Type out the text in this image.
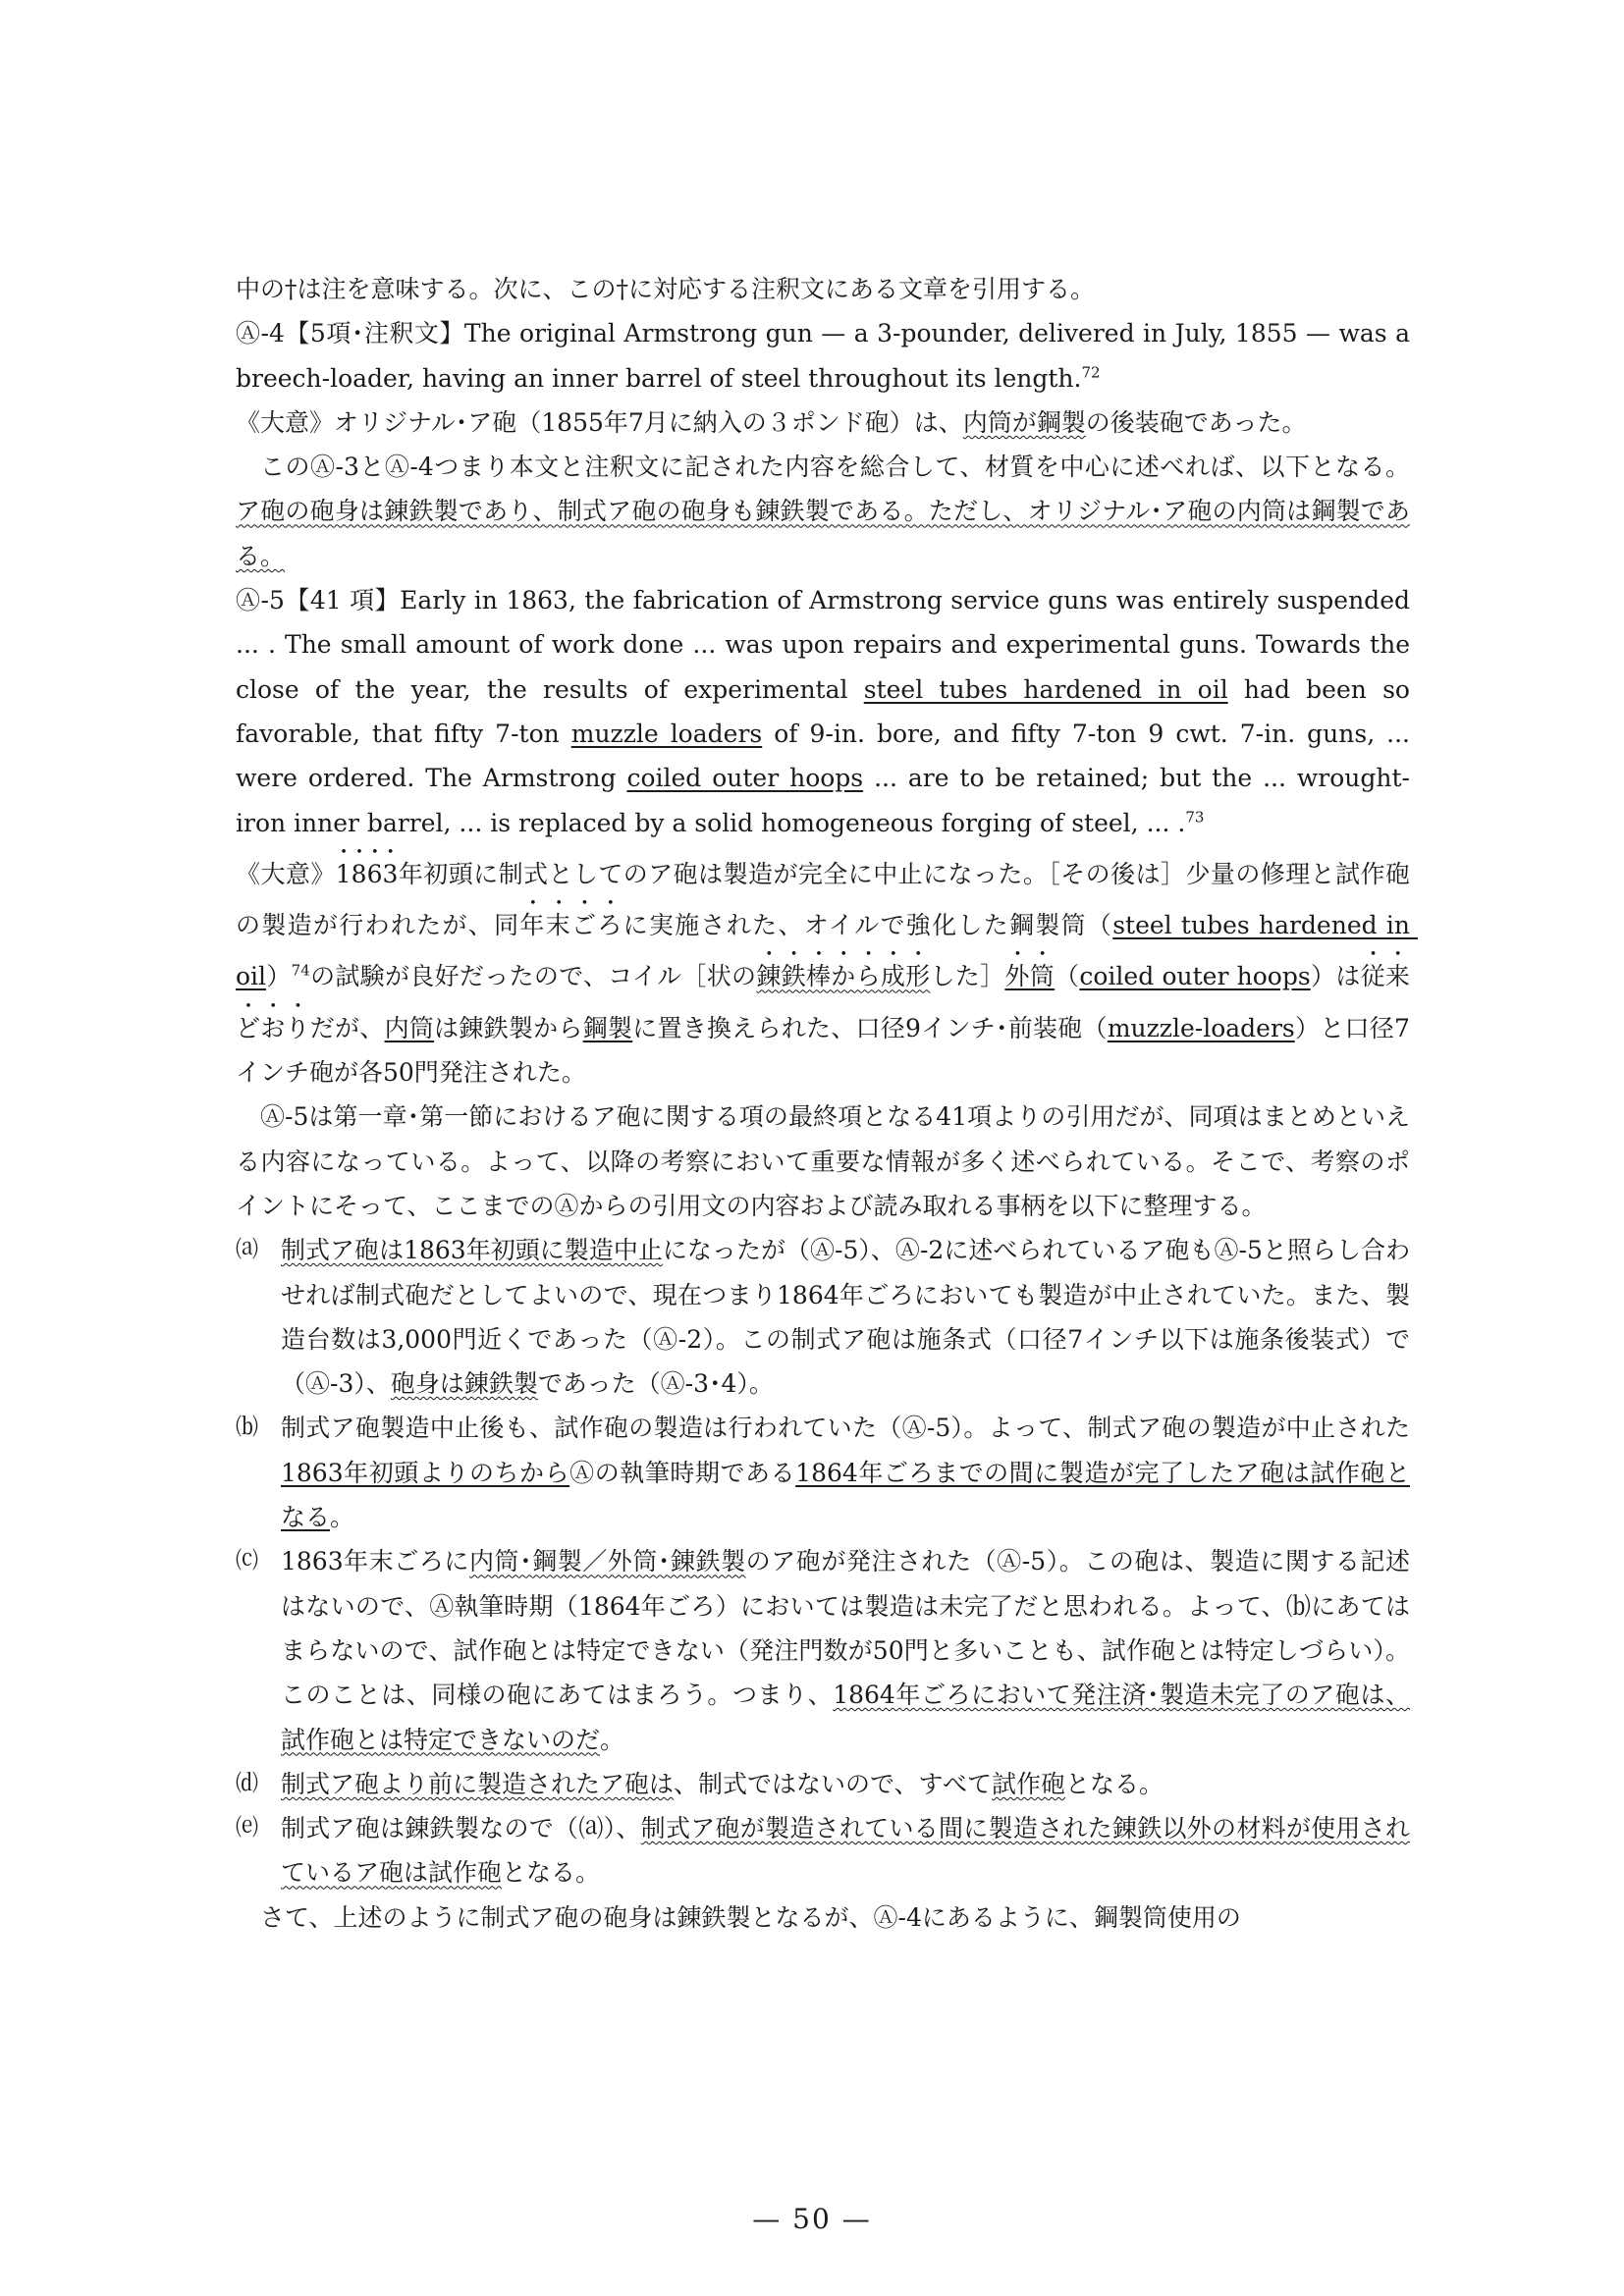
中の†は注を意味する。次に、この†に対応する注釈文にある文章を引用する。

Ⓐ-4【5項･注釈文】The original Armstrong gun — a 3-pounder, delivered in July, 1855 — was a breech-loader, having an inner barrel of steel throughout its length.$^{72}$

《大意》オリジナル･ア砲（1855年7月に納入の３ポンド砲）は、内筒が鋼製の後装砲であった。

このⒶ-3とⒶ-4つまり本文と注釈文に記された内容を総合して、材質を中心に述べれば、以下となる。ア砲の砲身は錬鉄製であり、制式ア砲の砲身も錬鉄製である。ただし、オリジナル･ア砲の内筒は鋼製である。

Ⓐ-5【41 項】Early in 1863, the fabrication of Armstrong service guns was entirely suspended ... . The small amount of work done ... was upon repairs and experimental guns. Towards the close of the year, the results of experimental steel tubes hardened in oil had been so favorable, that fifty 7-ton muzzle loaders of 9-in. bore, and fifty 7-ton 9 cwt. 7-in. guns, ... were ordered. The Armstrong coiled outer hoops ... are to be retained; but the ... wrought-iron inner barrel, ... is replaced by a solid homogeneous forging of steel, ... .$^{73}$

《大意》1863年初頭に制式としてのア砲は製造が完全に中止になった。［その後は］少量の修理と試作砲の製造が行われたが、同年末ごろに実施された、オイルで強化した鋼製筒（steel tubes hardened in oil）$^{74}$の試験が良好だったので、コイル［状の錬鉄棒から成形した］外筒（coiled outer hoops）は従来どおりだが、内筒は錬鉄製から鋼製に置き換えられた、口径9インチ･前装砲（muzzle-loaders）と口径7インチ砲が各50門発注された。

Ⓐ-5は第一章･第一節におけるア砲に関する項の最終項となる41項よりの引用だが、同項はまとめといえる内容になっている。よって、以降の考察において重要な情報が多く述べられている。そこで、考察のポイントにそって、ここまでのⒶからの引用文の内容および読み取れる事柄を以下に整理する。

⒜ 制式ア砲は1863年初頭に製造中止になったが（Ⓐ-5）、Ⓐ-2に述べられているア砲もⒶ-5と照らし合わせれば制式砲だとしてよいので、現在つまり1864年ごろにおいても製造が中止されていた。また、製造台数は3,000門近くであった（Ⓐ-2）。この制式ア砲は施条式（口径7インチ以下は施条後装式）で（Ⓐ-3）、砲身は錬鉄製であった（Ⓐ-3･4）。
⒝ 制式ア砲製造中止後も、試作砲の製造は行われていた（Ⓐ-5）。よって、制式ア砲の製造が中止された1863年初頭よりのちからⒶの執筆時期である1864年ごろまでの間に製造が完了したア砲は試作砲となる。
⒞ 1863年末ごろに内筒･鋼製／外筒･錬鉄製のア砲が発注された（Ⓐ-5）。この砲は、製造に関する記述はないので、Ⓐ執筆時期（1864年ごろ）においては製造は未完了だと思われる。よって、⒝にあてはまらないので、試作砲とは特定できない（発注門数が50門と多いことも、試作砲とは特定しづらい）。このことは、同様の砲にあてはまろう。つまり、1864年ごろにおいて発注済･製造未完了のア砲は、試作砲とは特定できないのだ。
⒟ 制式ア砲より前に製造されたア砲は、制式ではないので、すべて試作砲となる。
⒠ 制式ア砲は錬鉄製なので（⒜）、制式ア砲が製造されている間に製造された錬鉄以外の材料が使用されているア砲は試作砲となる。

さて、上述のように制式ア砲の砲身は錬鉄製となるが、Ⓐ-4にあるように、鋼製筒使用の

— 50 —
